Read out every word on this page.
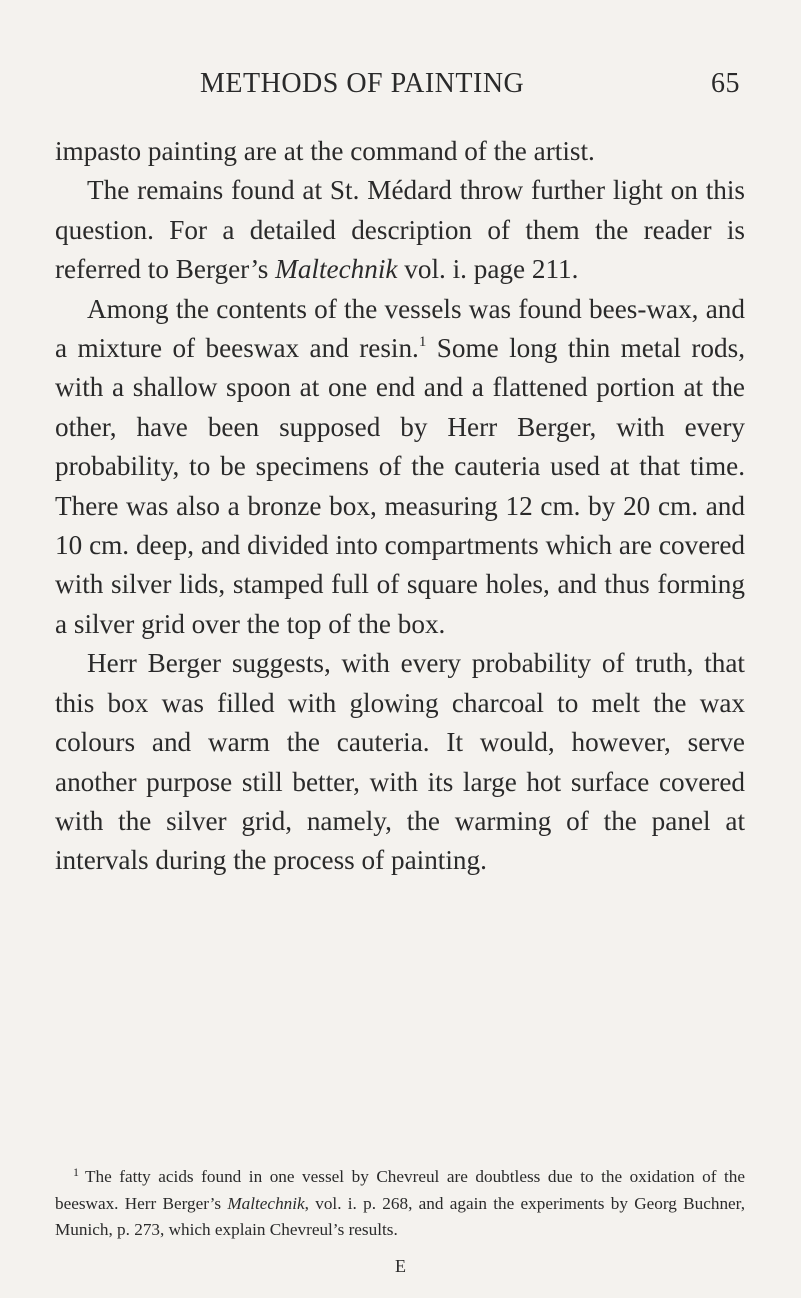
METHODS OF PAINTING	65

impasto painting are at the command of the artist.

The remains found at St. Médard throw further light on this question. For a detailed description of them the reader is referred to Berger’s Maltechnik vol. i. page 211.

Among the contents of the vessels was found bees-wax, and a mixture of beeswax and resin.$^1$ Some long thin metal rods, with a shallow spoon at one end and a flattened portion at the other, have been supposed by Herr Berger, with every probability, to be specimens of the cauteria used at that time. There was also a bronze box, measuring 12 cm. by 20 cm. and 10 cm. deep, and divided into compartments which are covered with silver lids, stamped full of square holes, and thus forming a silver grid over the top of the box.

Herr Berger suggests, with every probability of truth, that this box was filled with glowing charcoal to melt the wax colours and warm the cauteria. It would, however, serve another purpose still better, with its large hot surface covered with the silver grid, namely, the warming of the panel at intervals during the process of painting.

$^1$ The fatty acids found in one vessel by Chevreul are doubtless due to the oxidation of the beeswax. Herr Berger’s Maltechnik, vol. i. p. 268, and again the experiments by Georg Buchner, Munich, p. 273, which explain Chevreul’s results.
E
